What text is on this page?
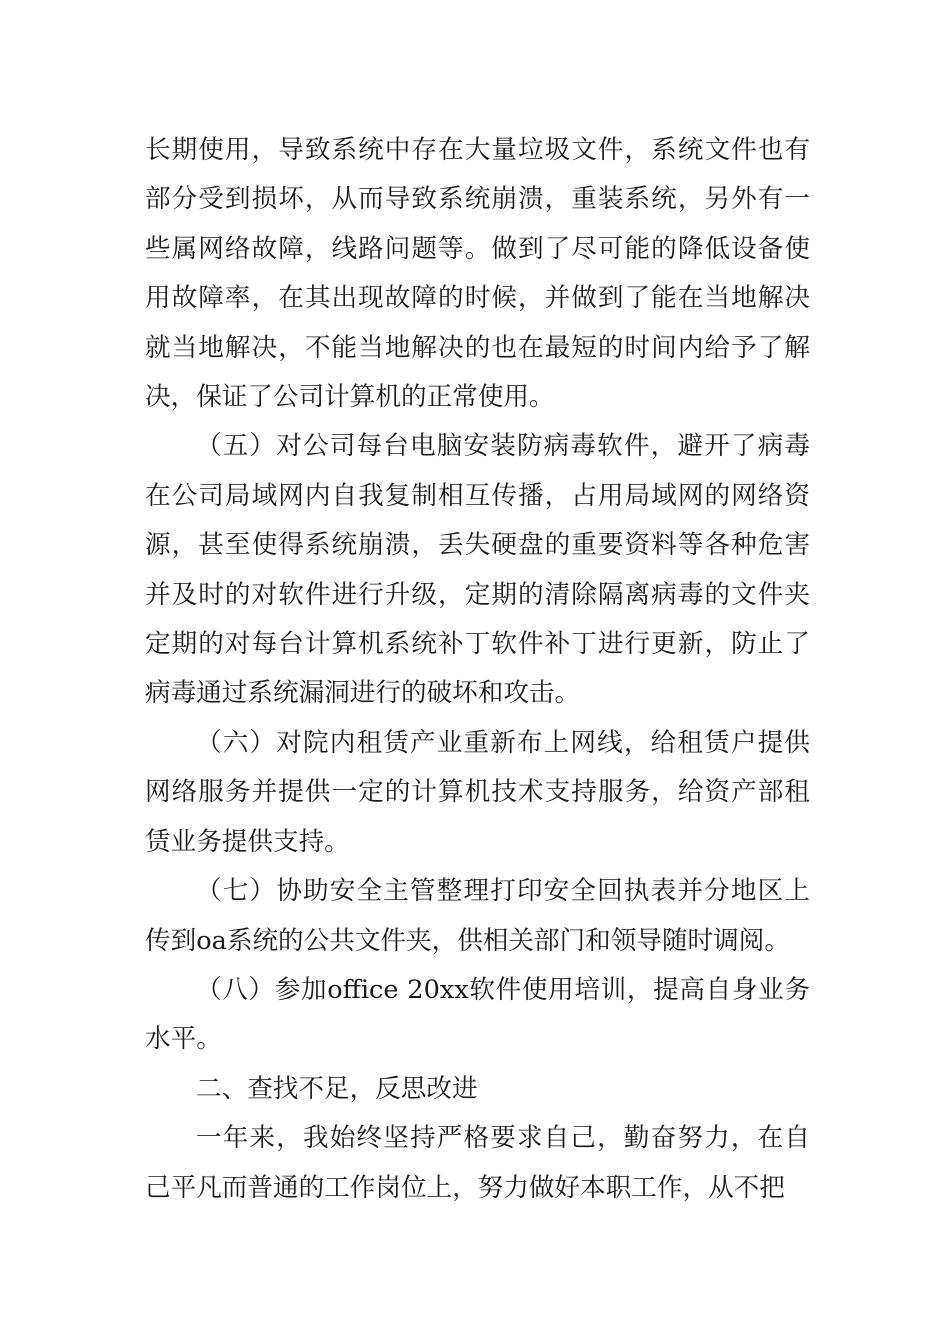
长期使用，导致系统中存在大量垃圾文件，系统文件也有部分受到损坏，从而导致系统崩溃，重装系统，另外有一些属网络故障，线路问题等。做到了尽可能的降低设备使用故障率，在其出现故障的时候，并做到了能在当地解决就当地解决，不能当地解决的也在最短的时间内给予了解决，保证了公司计算机的正常使用。

（五）对公司每台电脑安装防病毒软件，避开了病毒在公司局域网内自我复制相互传播，占用局域网的网络资源，甚至使得系统崩溃，丢失硬盘的重要资料等各种危害并及时的对软件进行升级，定期的清除隔离病毒的文件夹定期的对每台计算机系统补丁软件补丁进行更新，防止了病毒通过系统漏洞进行的破坏和攻击。

（六）对院内租赁产业重新布上网线，给租赁户提供网络服务并提供一定的计算机技术支持服务，给资产部租赁业务提供支持。

（七）协助安全主管整理打印安全回执表并分地区上传到oa系统的公共文件夹，供相关部门和领导随时调阅。

（八）参加office 20xx软件使用培训，提高自身业务水平。

二、查找不足，反思改进

一年来，我始终坚持严格要求自己，勤奋努力，在自己平凡而普通的工作岗位上，努力做好本职工作，从不把
